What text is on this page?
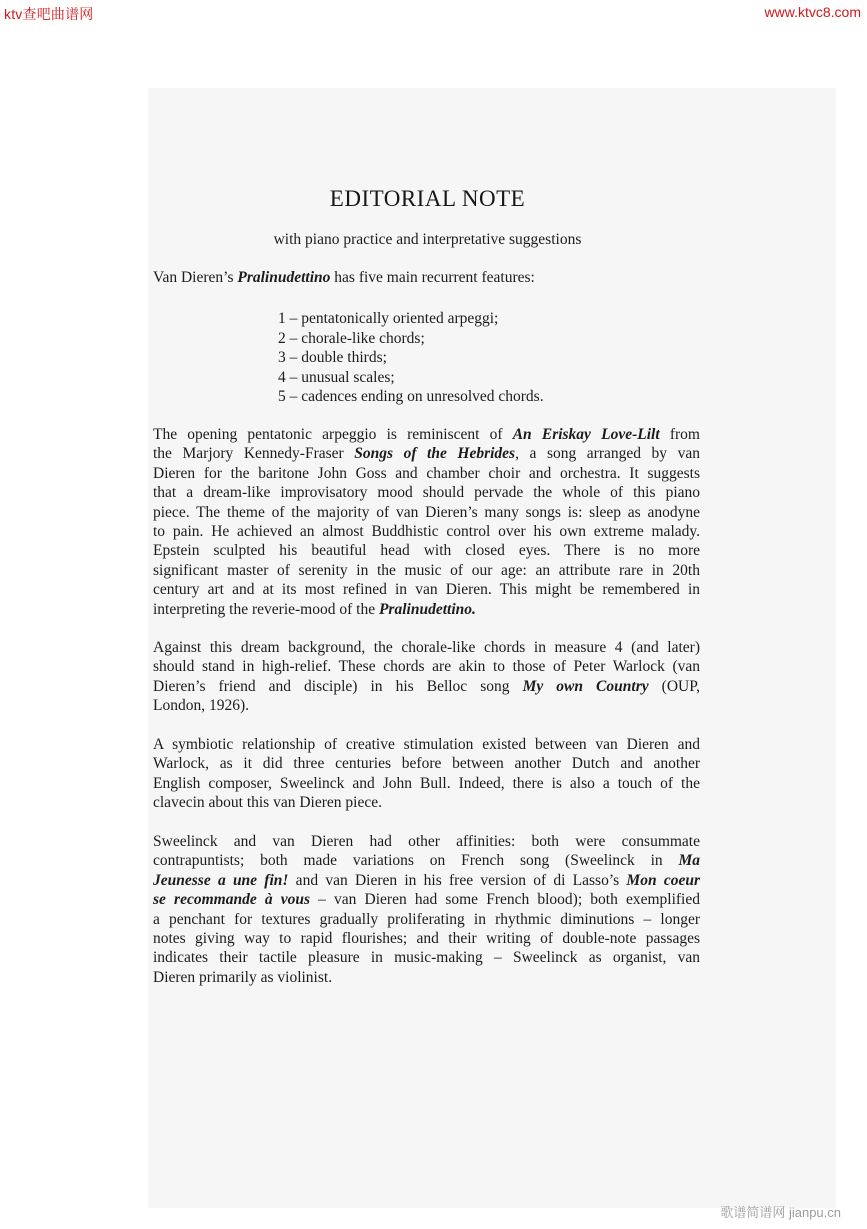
ktv查吧曲谱网	www.ktvc8.com
EDITORIAL NOTE
with piano practice and interpretative suggestions
Van Dieren’s Pralinudettino has five main recurrent features:
1 – pentatonically oriented arpeggi;
2 – chorale-like chords;
3 – double thirds;
4 – unusual scales;
5 – cadences ending on unresolved chords.
The opening pentatonic arpeggio is reminiscent of An Eriskay Love-Lilt from
the Marjory Kennedy-Fraser Songs of the Hebrides, a song arranged by van
Dieren for the baritone John Goss and chamber choir and orchestra. It suggests
that a dream-like improvisatory mood should pervade the whole of this piano
piece. The theme of the majority of van Dieren’s many songs is: sleep as anodyne
to pain. He achieved an almost Buddhistic control over his own extreme malady.
Epstein sculpted his beautiful head with closed eyes. There is no more
significant master of serenity in the music of our age: an attribute rare in 20th
century art and at its most refined in van Dieren. This might be remembered in
interpreting the reverie-mood of the Pralinudettino.
Against this dream background, the chorale-like chords in measure 4 (and later)
should stand in high-relief. These chords are akin to those of Peter Warlock (van
Dieren’s friend and disciple) in his Belloc song My own Country (OUP,
London, 1926).
A symbiotic relationship of creative stimulation existed between van Dieren and
Warlock, as it did three centuries before between another Dutch and another
English composer, Sweelinck and John Bull. Indeed, there is also a touch of the
clavecin about this van Dieren piece.
Sweelinck and van Dieren had other affinities: both were consummate
contrapuntists; both made variations on French song (Sweelinck in Ma
Jeunesse a une fin! and van Dieren in his free version of di Lasso’s Mon coeur
se recommande à vous – van Dieren had some French blood); both exemplified
a penchant for textures gradually proliferating in rhythmic diminutions – longer
notes giving way to rapid flourishes; and their writing of double-note passages
indicates their tactile pleasure in music-making – Sweelinck as organist, van
Dieren primarily as violinist.
歌谱简谱网 jianpu.cn
